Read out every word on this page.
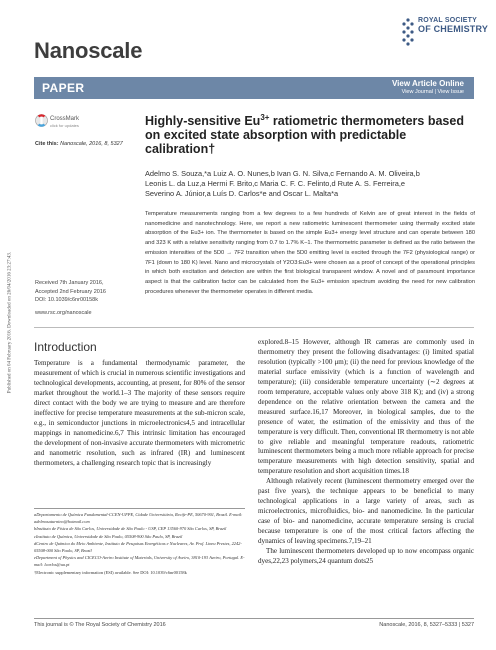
Nanoscale
ROYAL SOCIETY
OF CHEMISTRY
PAPER	View Article Online
View Journal | View Issue
CrossMark
click for updates
Cite this: Nanoscale, 2016, 8, 5327
Highly-sensitive $Eu^{3+}$ ratiometric thermometers based on excited state absorption with predictable calibration†
Adelmo S. Souza,*a Luiz A. O. Nunes,b Ivan G. N. Silva,c Fernando A. M. Oliveira,b
Leonis L. da Luz,a Hermi F. Brito,c Maria C. F. C. Felinto,d Rute A. S. Ferreira,e
Severino A. Júnior,a Luís D. Carlos*e and Oscar L. Malta*a
Temperature measurements ranging from a few degrees to a few hundreds of Kelvin are of great interest in the fields of nanomedicine and nanotechnology. Here, we report a new ratiometric luminescent thermometer using thermally excited state absorption of the Eu3+ ion. The thermometer is based on the simple Eu3+ energy level structure and can operate between 180 and 323 K with a relative sensitivity ranging from 0.7 to 1.7% K−1. The thermometric parameter is defined as the ratio between the emission intensities of the 5D0 → 7F2 transition when the 5D0 emitting level is excited through the 7F2 (physiological range) or 7F1 (down to 180 K) level. Nano and microcrystals of Y2O3:Eu3+ were chosen as a proof of concept of the operational principles in which both excitation and detection are within the first biological transparent window. A novel and of paramount importance aspect is that the calibration factor can be calculated from the Eu3+ emission spectrum avoiding the need for new calibration procedures whenever the thermometer operates in different media.
Received 7th January 2016,
Accepted 2nd February 2016
DOI: 10.1039/c6nr00158k
www.rsc.org/nanoscale
Published on 04 February 2016. Downloaded on 26/04/2016 23:27:43. Introduction

Temperature is a fundamental thermodynamic parameter, the measurement of which is crucial in numerous scientific investigations and technological developments, accounting, at present, for 80% of the sensor market throughout the world.1–3 The majority of these sensors require direct contact with the body we are trying to measure and are therefore ineffective for precise temperature measurements at the sub-micron scale, e.g., in semiconductor junctions in microelectronics4,5 and intracellular mappings in nanomedicine.6,7 This intrinsic limitation has encouraged the development of non-invasive accurate thermometers with micrometric and nanometric resolution, such as infrared (IR) and luminescent thermometers, a challenging research topic that is increasingly

explored.8–15 However, although IR cameras are commonly used in thermometry they present the following disadvantages: (i) limited spatial resolution (typically >100 μm); (ii) the need for previous knowledge of the material surface emissivity (which is a function of wavelength and temperature); (iii) considerable temperature uncertainty (∼2 degrees at room temperature, acceptable values only above 318 K); and (iv) a strong dependence on the relative orientation between the camera and the measured surface.16,17 Moreover, in biological samples, due to the presence of water, the estimation of the emissivity and thus of the temperature is very difficult. Then, conventional IR thermometry is not able to give reliable and meaningful temperature readouts, ratiometric luminescent thermometers being a much more reliable approach for precise temperature measurements with high detection sensitivity, spatial and temperature resolution and short acquisition times.18

Although relatively recent (luminescent thermometry emerged over the past five years), the technique appears to be beneficial to many technological applications in a large variety of areas, such as microelectronics, microfluidics, bio- and nanomedicine. In the particular case of bio- and nanomedicine, accurate temperature sensing is crucial because temperature is one of the most critical factors affecting the dynamics of leaving specimens.7,19–21

The luminescent thermometers developed up to now encompass organic dyes,22,23 polymers,24 quantum dots25

aDepartamento de Química Fundamental-CCEN-UFPE, Cidade Universitária, Recife-PE, 50670-901, Brazil. E-mail: adelmosaturnino@hotmail.com

bInstituto de Física de São Carlos, Universidade de São Paulo - USP, CEP 13560-970 São Carlos, SP, Brazil

cInstituto de Química, Universidade de São Paulo, 05508-900 São Paulo, SP, Brazil

dCentro de Química do Meio Ambiente, Instituto de Pesquisas Energéticas e Nucleares, Av. Prof. Lineu Prestes, 2242-05508-000 São Paulo, SP, Brazil

eDepartment of Physics and CICECO-Aveiro Institute of Materials, University of Aveiro, 3810-193 Aveiro, Portugal. E-mail: lcarlos@ua.pt

†Electronic supplementary information (ESI) available. See DOI: 10.1039/c6nr00158k

This journal is © The Royal Society of Chemistry 2016	Nanoscale, 2016, 8, 5327–5333 | 5327
